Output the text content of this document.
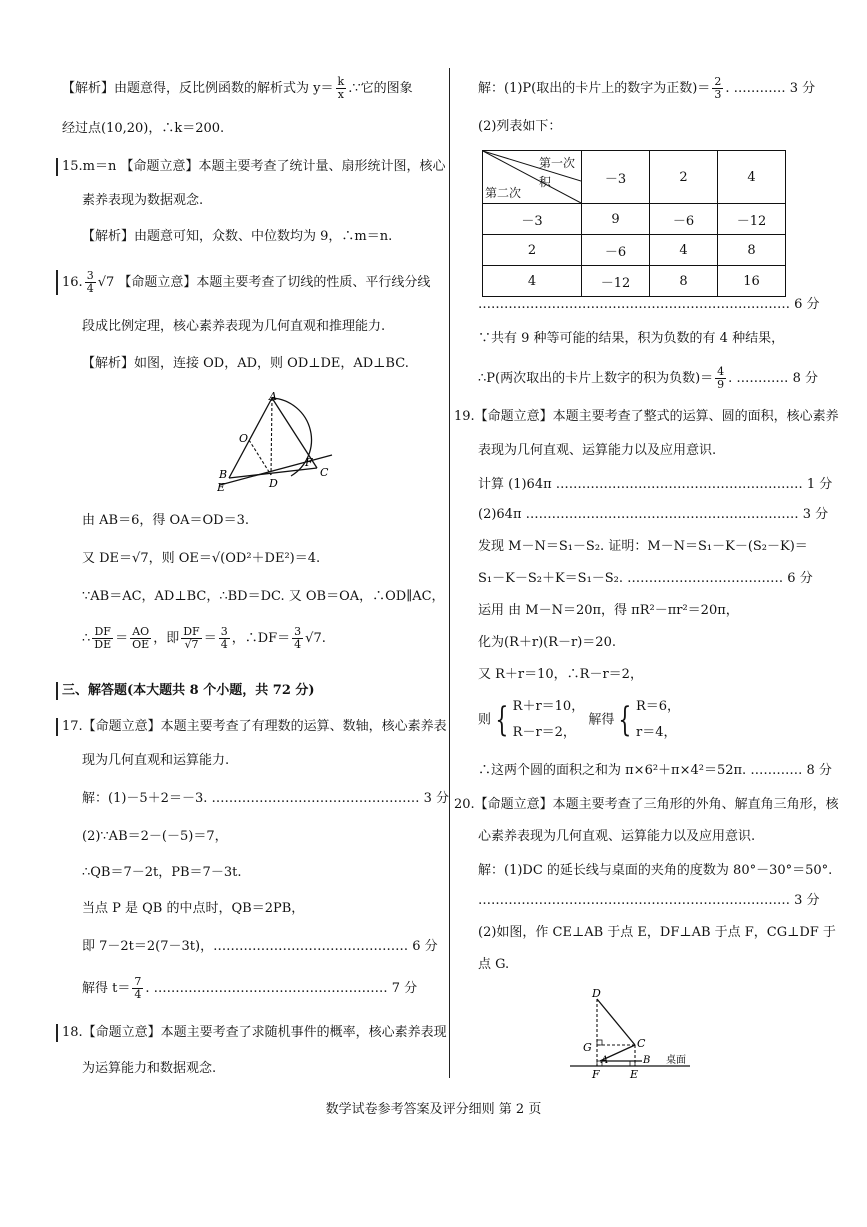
【解析】由题意得，反比例函数的解析式为 $y= \frac{k}{x}$ .∵它的图象
经过点(10,20)，∴k＝200.
15.m＝n 【命题立意】本题主要考查了统计量、扇形统计图，核心
素养表现为数据观念.
【解析】由题意可知，众数、中位数均为 9，∴m＝n.
16. $\frac{3}{4} √7$ 【命题立意】本题主要考查了切线的性质、平行线分线
段成比例定理，核心素养表现为几何直观和推理能力.
【解析】如图，连接 OD，AD，则 OD⊥DE，AD⊥BC.
A
O
B
E	D
F
C
由 AB＝6，得 OA＝OD＝3.
又 DE＝√7，则 OE＝√(OD²＋DE²)＝4.
∵AB＝AC，AD⊥BC，∴BD＝DC. 又 OB＝OA，∴OD∥AC，
∴ $\frac{DF}{DE} = \frac{AO}{OE}$ ，即 $\frac{DF}{√7} = \frac{3}{4}$ ，∴DF＝ $\frac{3}{4} √7$.
三、解答题(本大题共 8 个小题，共 72 分)
17.【命题立意】本题主要考查了有理数的运算、数轴，核心素养表
现为几何直观和运算能力.
解：(1)－5＋2＝－3. ………………………………………… 3 分
(2)∵AB＝2－(－5)＝7，
∴QB＝7－2t，PB＝7－3t.
当点 P 是 QB 的中点时，QB＝2PB，
即 7－2t＝2(7－3t)，……………………………………… 6 分
解得 $t= \frac{7}{4}$ . ……………………………………………… 7 分
18.【命题立意】本题主要考查了求随机事件的概率，核心素养表现
为运算能力和数据观念.
解：(1)P(取出的卡片上的数字为正数)＝ $\frac{2}{3}$ . ………… 3 分
(2)列表如下：
第一次
积
第二次	－3	2	4
－3	9	－6	－12
2	－6	4	8
4	－12	8	16
……………………………………………………………… 6 分
∵共有 9 种等可能的结果，积为负数的有 4 种结果，
∴P(两次取出的卡片上数字的积为负数)＝ $\frac{4}{9}$ . ………… 8 分
19.【命题立意】本题主要考查了整式的运算、圆的面积，核心素养
表现为几何直观、运算能力以及应用意识.
计算 (1)64π ………………………………………………… 1 分
(2)64π ……………………………………………………… 3 分
发现 M－N＝S₁－S₂. 证明：M－N＝S₁－K－(S₂－K)＝
S₁－K－S₂＋K＝S₁－S₂. ……………………………… 6 分
运用 由 M－N＝20π，得 πR²－πr²＝20π，
化为(R＋r)(R－r)＝20.
又 R＋r＝10，∴R－r＝2，
则 { R＋r＝10，
R－r＝2， 解得 { R＝6，
r＝4，
∴这两个圆的面积之和为 π×6²＋π×4²＝52π. ………… 8 分
20.【命题立意】本题主要考查了三角形的外角、解直角三角形，核
心素养表现为几何直观、运算能力以及应用意识.
解：(1)DC 的延长线与桌面的夹角的度数为 80°－30°＝50°.
……………………………………………………………… 3 分
(2)如图，作 CE⊥AB 于点 E，DF⊥AB 于点 F，CG⊥DF 于
点 G.
D
C
G
A	B
F	E
桌面
数学试卷参考答案及评分细则 第 2 页
